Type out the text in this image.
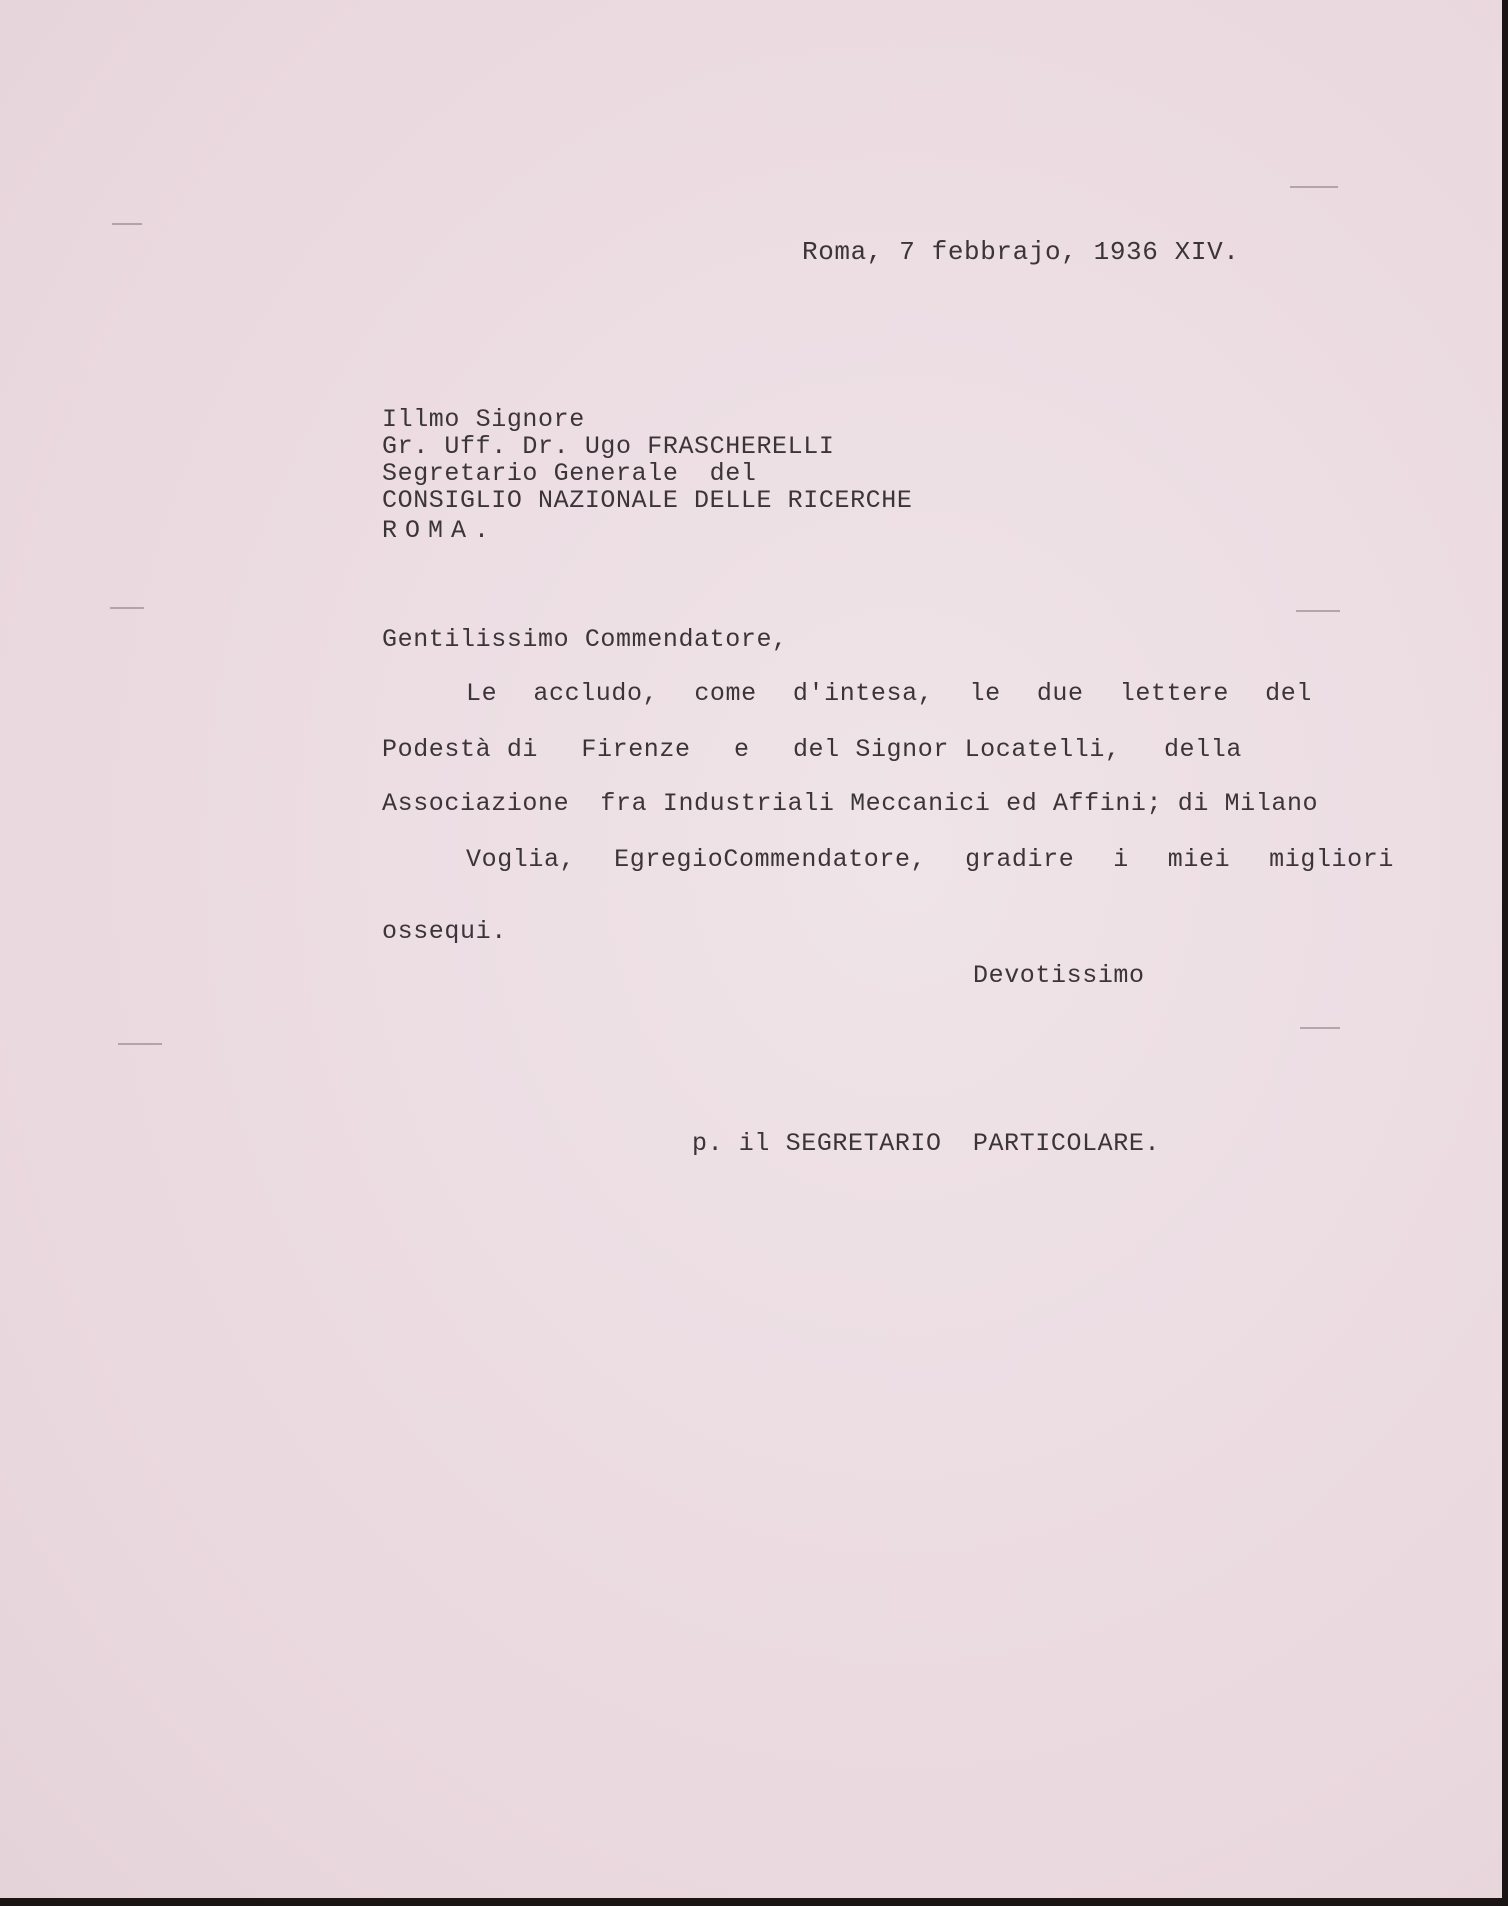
Roma, 7 febbrajo, 1936 XIV.
Illmo Signore
Gr. Uff. Dr. Ugo FRASCHERELLI
Segretario Generale  del
CONSIGLIO NAZIONALE DELLE RICERCHE
ROMA.
Gentilissimo Commendatore,
Le accludo, come d'intesa, le due lettere del
Podestà di Firenze e del Signor Locatelli, della
Associazione  fra Industriali Meccanici ed Affini; di Milano
Voglia, EgregioCommendatore, gradire i miei migliori
ossequi.
Devotissimo
p. il SEGRETARIO  PARTICOLARE.
